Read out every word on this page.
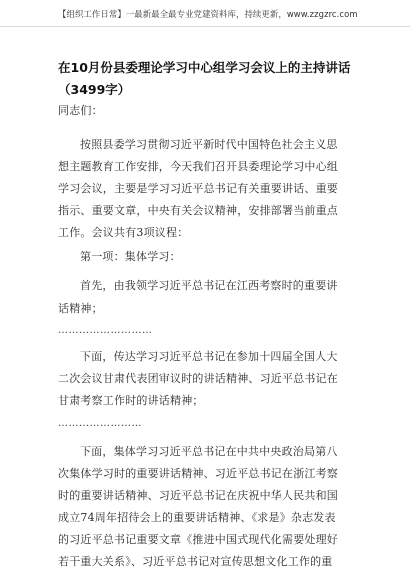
【组织工作日常】一最新最全最专业党建资料库，持续更新，www.zzgzrc.com
在10月份县委理论学习中心组学习会议上的主持讲话
（3499字）
同志们：
按照县委学习贯彻习近平新时代中国特色社会主义思
想主题教育工作安排，今天我们召开县委理论学习中心组
学习会议，主要是学习习近平总书记有关重要讲话、重要
指示、重要文章，中央有关会议精神，安排部署当前重点
工作。会议共有3项议程：
第一项：集体学习：
首先，由我领学习近平总书记在江西考察时的重要讲
话精神；
………………………
下面，传达学习习近平总书记在参加十四届全国人大
二次会议甘肃代表团审议时的讲话精神、习近平总书记在
甘肃考察工作时的讲话精神；
……………………
下面，集体学习习近平总书记在中共中央政治局第八
次集体学习时的重要讲话精神、习近平总书记在浙江考察
时的重要讲话精神、习近平总书记在庆祝中华人民共和国
成立74周年招待会上的重要讲话精神、《求是》杂志发表
的习近平总书记重要文章《推进中国式现代化需要处理好
若干重大关系》、习近平总书记对宣传思想文化工作的重
